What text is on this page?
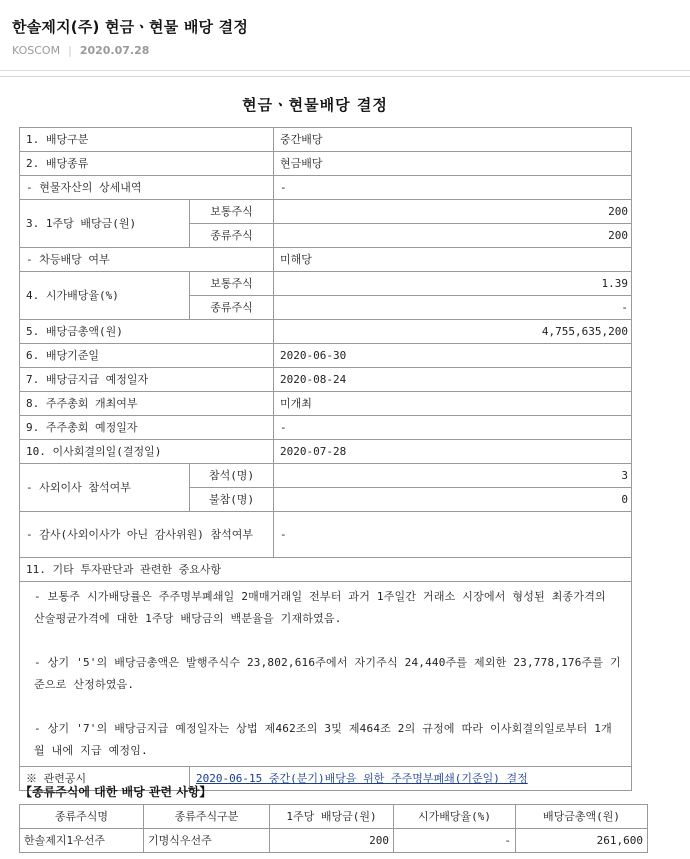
한솔제지(주) 현금ㆍ현물 배당 결정
KOSCOM | 2020.07.28
현금ㆍ현물배당 결정
1. 배당구분		중간배당
2. 배당종류		현금배당
- 현물자산의 상세내역		-
3. 1주당 배당금(원)	보통주식	200
	종류주식	200
- 차등배당 여부		미해당
4. 시가배당율(%)	보통주식	1.39
	종류주식	-
5. 배당금총액(원)		4,755,635,200
6. 배당기준일		2020-06-30
7. 배당금지급 예정일자		2020-08-24
8. 주주총회 개최여부		미개최
9. 주주총회 예정일자		-
10. 이사회결의일(결정일)		2020-07-28
- 사외이사 참석여부	참석(명)	3
	불참(명)	0
- 감사(사외이사가 아닌 감사위원) 참석여부		-
11. 기타 투자판단과 관련한 중요사항		

- 보통주 시가배당률은 주주명부폐쇄일 2매매거래일 전부터 과거 1주일간 거래소 시장에서 형성된 최종가격의 산술평균가격에 대한 1주당 배당금의 백분율을 기재하였음.

- 상기 '5'의 배당금총액은 발행주식수 23,802,616주에서 자기주식 24,440주를 제외한 23,778,176주를 기준으로 산정하였음.

- 상기 '7'의 배당금지급 예정일자는 상법 제462조의 3및 제464조 2의 규정에 따라 이사회결의일로부터 1개월 내에 지급 예정임.		

※ 관련공시	2020-06-15 중간(분기)배당을 위한 주주명부폐쇄(기준일) 결정	
【종류주식에 대한 배당 관련 사항】
종류주식명	종류주식구분	1주당 배당금(원)	시가배당율(%)	배당금총액(원)
한솔제지1우선주	기명식우선주	200	-	261,600
